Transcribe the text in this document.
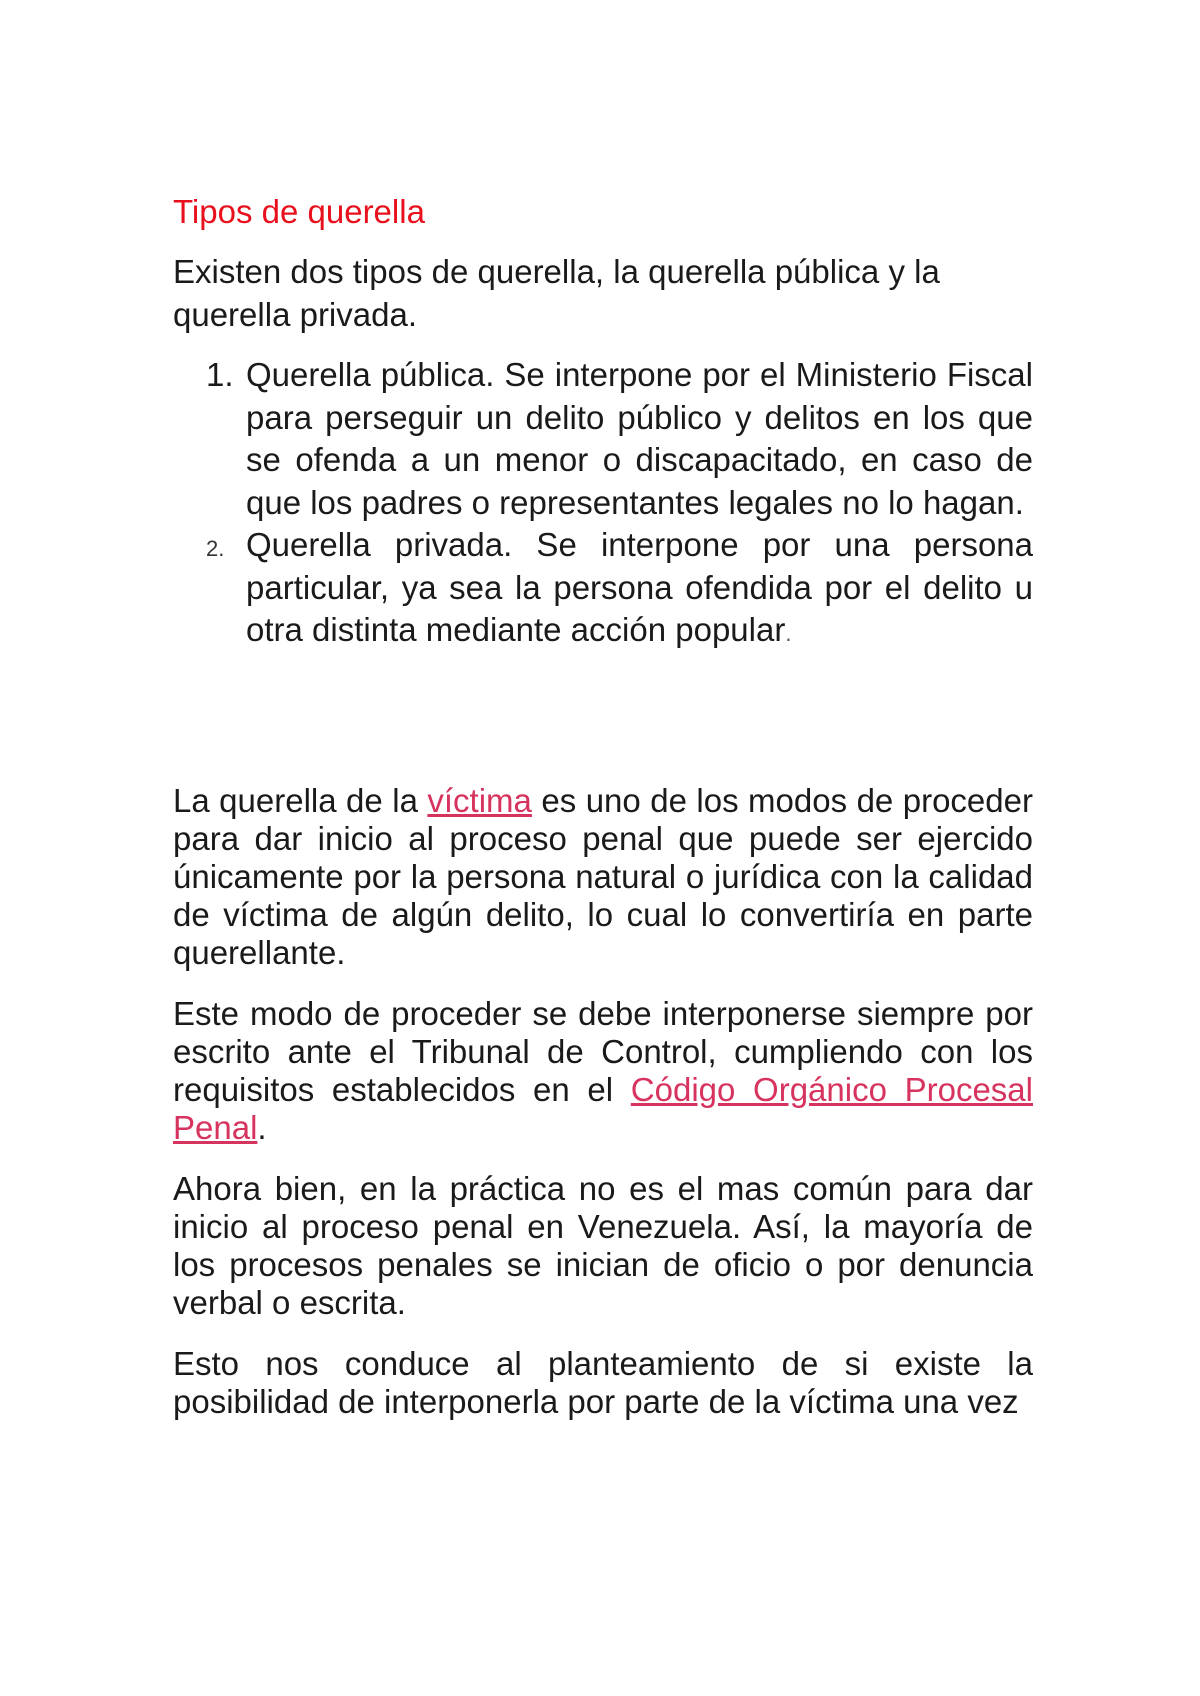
Tipos de querella

Existen dos tipos de querella, la querella pública y la querella privada.

1. Querella pública. Se interpone por el Ministerio Fiscal para perseguir un delito público y delitos en los que se ofenda a un menor o discapacitado, en caso de que los padres o representantes legales no lo hagan.
2. Querella privada. Se interpone por una persona particular, ya sea la persona ofendida por el delito u otra distinta mediante acción popular.

La querella de la víctima es uno de los modos de proceder para dar inicio al proceso penal que puede ser ejercido únicamente por la persona natural o jurídica con la calidad de víctima de algún delito, lo cual lo convertiría en parte querellante.

Este modo de proceder se debe interponerse siempre por escrito ante el Tribunal de Control, cumpliendo con los requisitos establecidos en el Código Orgánico Procesal Penal.

Ahora bien, en la práctica no es el mas común para dar inicio al proceso penal en Venezuela. Así, la mayoría de los procesos penales se inician de oficio o por denuncia verbal o escrita.

Esto nos conduce al planteamiento de si existe la posibilidad de interponerla por parte de la víctima una vez
